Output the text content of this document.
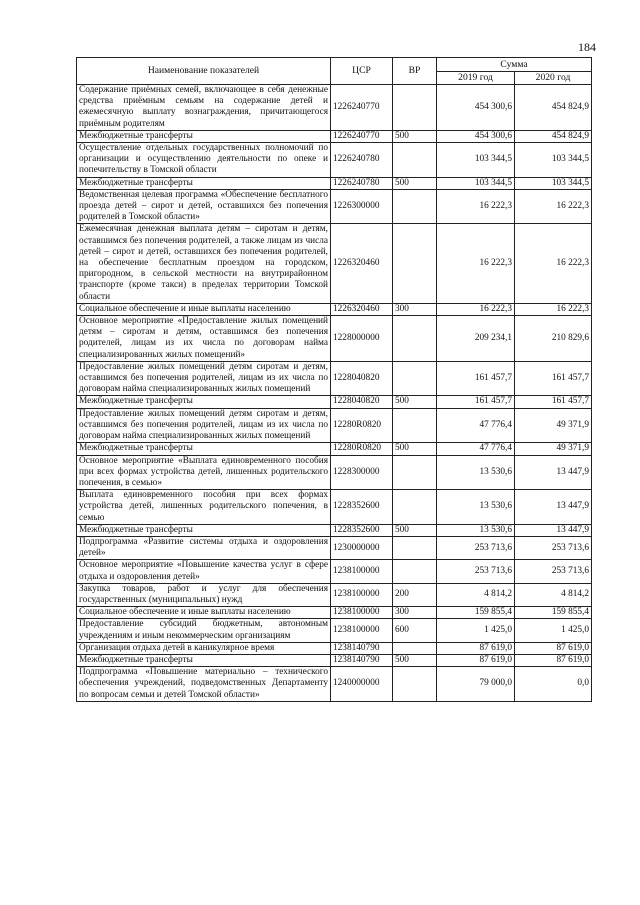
184
Наименование показателей	ЦСР	ВР	Сумма	
			2019 год	2020 год
Содержание приёмных семей, включающее в себя денежные средства приёмным семьям на содержание детей и ежемесячную выплату вознаграждения, причитающегося приёмным родителям	1226240770		454 300,6	454 824,9
Межбюджетные трансферты	1226240770	500	454 300,6	454 824,9
Осуществление отдельных государственных полномочий по организации и осуществлению деятельности по опеке и попечительству в Томской области	1226240780		103 344,5	103 344,5
Межбюджетные трансферты	1226240780	500	103 344,5	103 344,5
Ведомственная целевая программа «Обеспечение бесплатного проезда детей – сирот и детей, оставшихся без попечения родителей в Томской области»	1226300000		16 222,3	16 222,3
Ежемесячная денежная выплата детям – сиротам и детям, оставшимся без попечения родителей, а также лицам из числа детей – сирот и детей, оставшихся без попечения родителей, на обеспечение бесплатным проездом на городском, пригородном, в сельской местности на внутрирайонном транспорте (кроме такси) в пределах территории Томской области	1226320460		16 222,3	16 222,3
Социальное обеспечение и иные выплаты населению	1226320460	300	16 222,3	16 222,3
Основное мероприятие «Предоставление жилых помещений детям – сиротам и детям, оставшимся без попечения родителей, лицам из их числа по договорам найма специализированных жилых помещений»	1228000000		209 234,1	210 829,6
Предоставление жилых помещений детям сиротам и детям, оставшимся без попечения родителей, лицам из их числа по договорам найма специализированных жилых помещений	1228040820		161 457,7	161 457,7
Межбюджетные трансферты	1228040820	500	161 457,7	161 457,7
Предоставление жилых помещений детям сиротам и детям, оставшимся без попечения родителей, лицам из их числа по договорам найма специализированных жилых помещений	12280R0820		47 776,4	49 371,9
Межбюджетные трансферты	12280R0820	500	47 776,4	49 371,9
Основное мероприятие «Выплата единовременного пособия при всех формах устройства детей, лишенных родительского попечения, в семью»	1228300000		13 530,6	13 447,9
Выплата единовременного пособия при всех формах устройства детей, лишенных родительского попечения, в семью	1228352600		13 530,6	13 447,9
Межбюджетные трансферты	1228352600	500	13 530,6	13 447,9
Подпрограмма «Развитие системы отдыха и оздоровления детей»	1230000000		253 713,6	253 713,6
Основное мероприятие «Повышение качества услуг в сфере отдыха и оздоровления детей»	1238100000		253 713,6	253 713,6
Закупка товаров, работ и услуг для обеспечения государственных (муниципальных) нужд	1238100000	200	4 814,2	4 814,2
Социальное обеспечение и иные выплаты населению	1238100000	300	159 855,4	159 855,4
Предоставление субсидий бюджетным, автономным учреждениям и иным некоммерческим организациям	1238100000	600	1 425,0	1 425,0
Организация отдыха детей в каникулярное время	1238140790		87 619,0	87 619,0
Межбюджетные трансферты	1238140790	500	87 619,0	87 619,0
Подпрограмма «Повышение материально – технического обеспечения учреждений, подведомственных Департаменту по вопросам семьи и детей Томской области»	1240000000		79 000,0	0,0
